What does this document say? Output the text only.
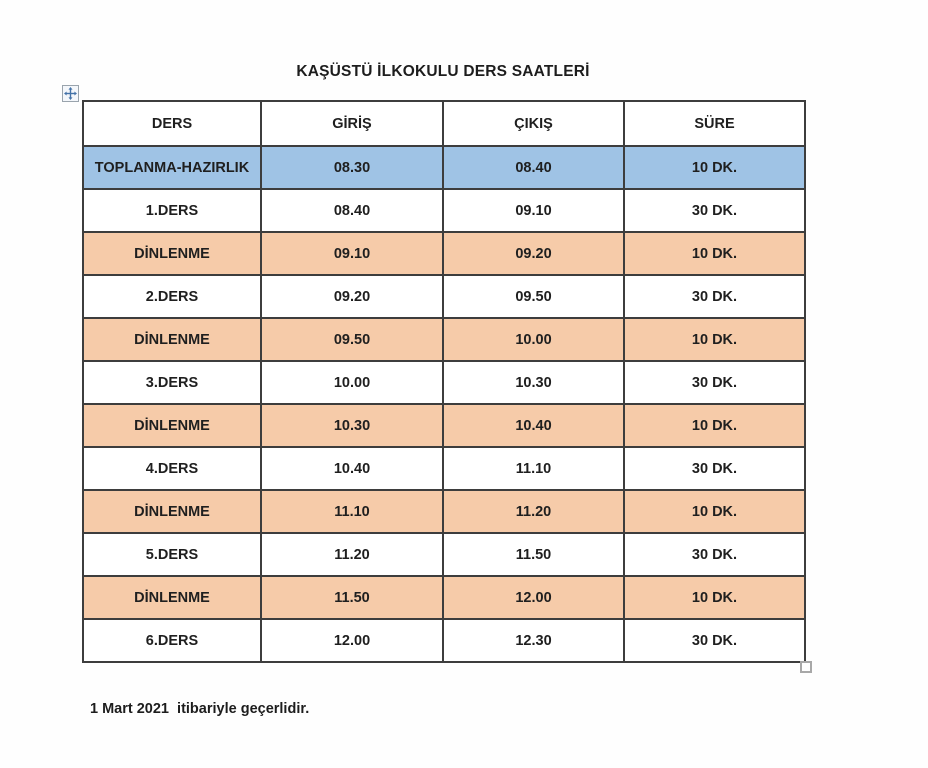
KAŞÜSTÜ İLKOKULU DERS SAATLERİ
DERS	GİRİŞ	ÇIKIŞ	SÜRE
TOPLANMA-HAZIRLIK	08.30	08.40	10 DK.
1.DERS	08.40	09.10	30 DK.
DİNLENME	09.10	09.20	10 DK.
2.DERS	09.20	09.50	30 DK.
DİNLENME	09.50	10.00	10 DK.
3.DERS	10.00	10.30	30 DK.
DİNLENME	10.30	10.40	10 DK.
4.DERS	10.40	11.10	30 DK.
DİNLENME	11.10	11.20	10 DK.
5.DERS	11.20	11.50	30 DK.
DİNLENME	11.50	12.00	10 DK.
6.DERS	12.00	12.30	30 DK.
1 Mart 2021  itibariyle geçerlidir.
